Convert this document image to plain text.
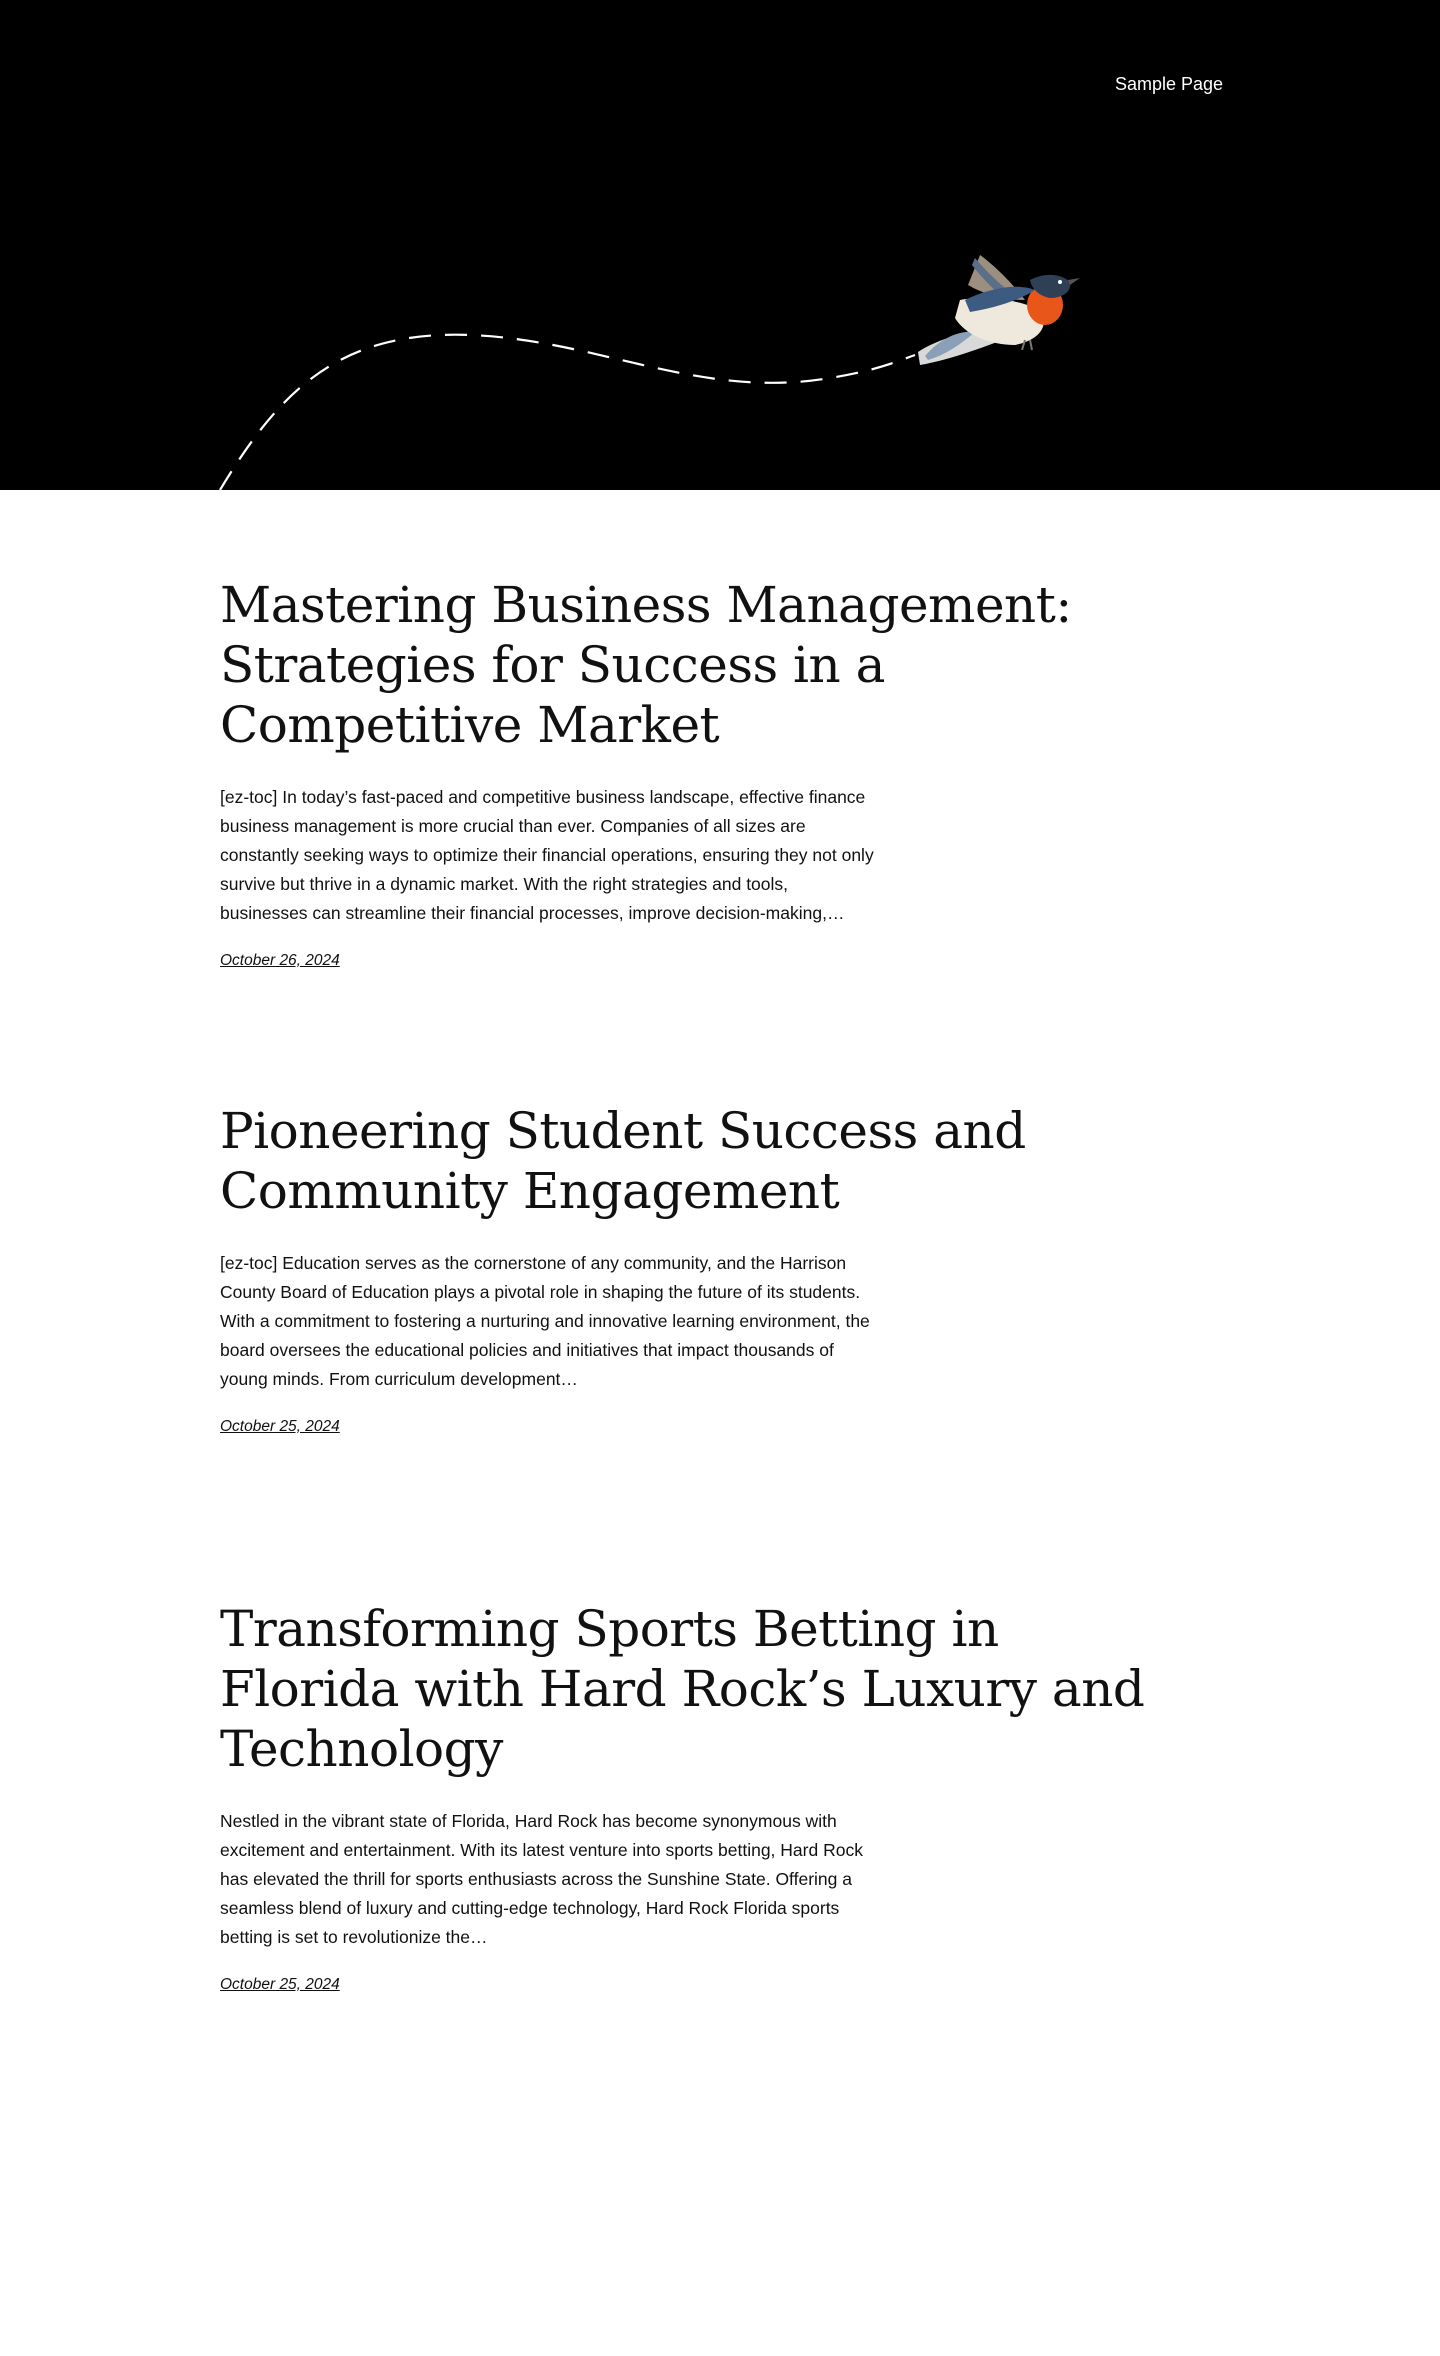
Sample Page
Mastering Business Management: Strategies for Success in a Competitive Market

[ez-toc] In today’s fast-paced and competitive business landscape, effective finance business management is more crucial than ever. Companies of all sizes are constantly seeking ways to optimize their financial operations, ensuring they not only survive but thrive in a dynamic market. With the right strategies and tools, businesses can streamline their financial processes, improve decision-making,…

October 26, 2024
Pioneering Student Success and Community Engagement

[ez-toc] Education serves as the cornerstone of any community, and the Harrison County Board of Education plays a pivotal role in shaping the future of its students. With a commitment to fostering a nurturing and innovative learning environment, the board oversees the educational policies and initiatives that impact thousands of young minds. From curriculum development…

October 25, 2024
Transforming Sports Betting in Florida with Hard Rock’s Luxury and Technology

Nestled in the vibrant state of Florida, Hard Rock has become synonymous with excitement and entertainment. With its latest venture into sports betting, Hard Rock has elevated the thrill for sports enthusiasts across the Sunshine State. Offering a seamless blend of luxury and cutting-edge technology, Hard Rock Florida sports betting is set to revolutionize the…

October 25, 2024
